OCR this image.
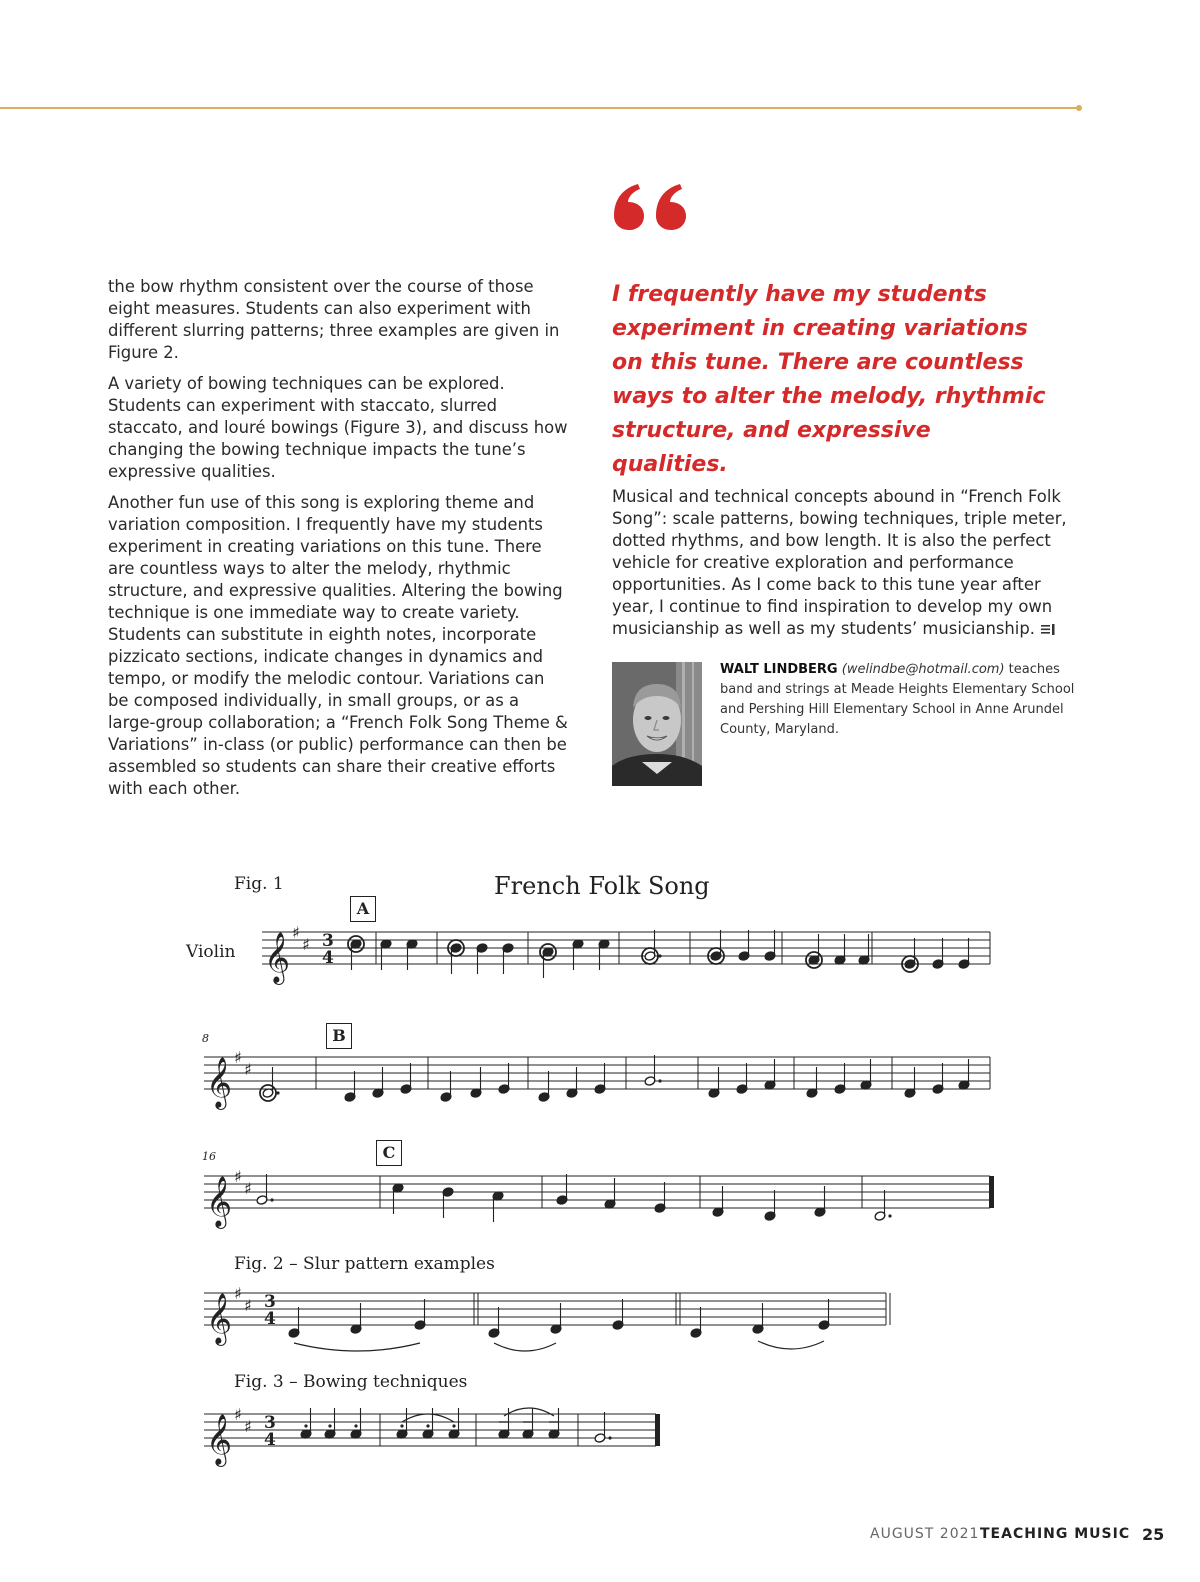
the bow rhythm consistent over the course of those eight measures. Students can also experiment with different slurring patterns; three examples are given in Figure 2.

A variety of bowing techniques can be explored. Students can experiment with staccato, slurred staccato, and louré bowings (Figure 3), and discuss how changing the bowing technique impacts the tune’s expressive qualities.

Another fun use of this song is exploring theme and variation composition. I frequently have my students experiment in creating variations on this tune. There are countless ways to alter the melody, rhythmic structure, and expressive qualities. Altering the bowing technique is one immediate way to create variety. Students can substitute in eighth notes, incorporate pizzicato sections, indicate changes in dynamics and tempo, or modify the melodic contour. Variations can be composed individually, in small groups, or as a large-group collaboration; a “French Folk Song Theme & Variations” in-class (or public) performance can then be assembled so students can share their creative efforts with each other.

I frequently have my students experiment in creating variations on this tune. There are countless ways to alter the melody, rhythmic structure, and expressive qualities.

Musical and technical concepts abound in “French Folk Song”: scale patterns, bowing techniques, triple meter, dotted rhythms, and bow length. It is also the perfect vehicle for creative exploration and performance opportunities. As I come back to this tune year after year, I continue to find inspiration to develop my own musicianship as well as my students’ musicianship.

WALT LINDBERG (welindbe@hotmail.com) teaches band and strings at Meade Heights Elementary School and Pershing Hill Elementary School in Anne Arundel County, Maryland.
Fig. 1	French Folk Song
Violin
A
B
C
8
16
Fig. 2 – Slur pattern examples
Fig. 3 – Bowing techniques
𝄞 ♯
♯ 3
4
𝄞 ♯
♯
𝄞 ♯
♯
𝄞 ♯
♯ 3
4
𝄞 ♯
♯ 3
4
AUGUST 2021 TEACHING MUSIC 25
